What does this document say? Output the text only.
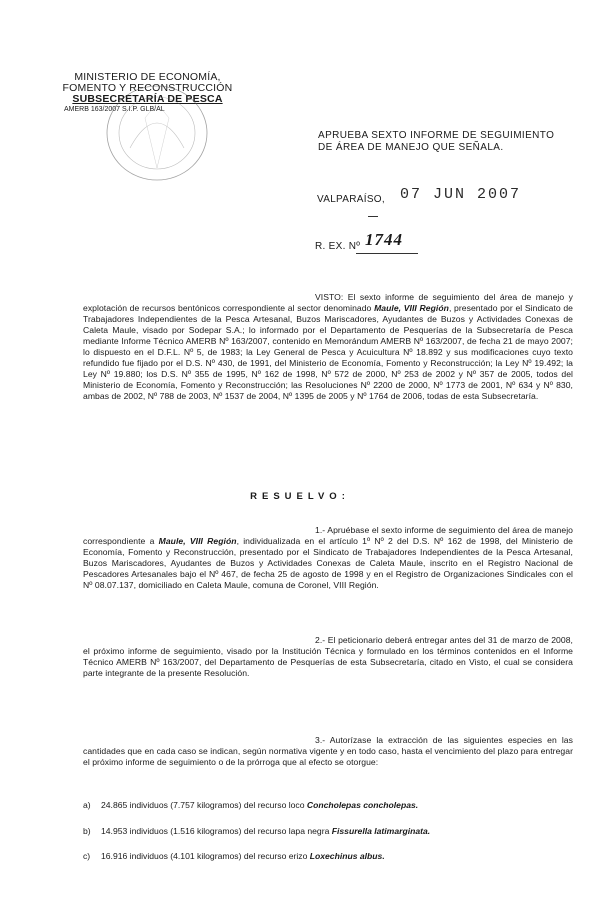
MINISTERIO DE ECONOMÍA,
FOMENTO Y RECONSTRUCCIÓN
SUBSECRETARÍA DE PESCA
AMERB 163/2007 S.I.P. GLB/AL
APRUEBA SEXTO INFORME DE SEGUIMIENTO
DE ÁREA DE MANEJO QUE SEÑALA.
VALPARAÍSO, 07 JUN 2007
R. EX. Nº 1744
VISTO: El sexto informe de seguimiento del área de manejo y explotación de recursos bentónicos correspondiente al sector denominado Maule, VIII Región, presentado por el Sindicato de Trabajadores Independientes de la Pesca Artesanal, Buzos Mariscadores, Ayudantes de Buzos y Actividades Conexas de Caleta Maule, visado por Sodepar S.A.; lo informado por el Departamento de Pesquerías de la Subsecretaría de Pesca mediante Informe Técnico AMERB Nº 163/2007, contenido en Memorándum AMERB Nº 163/2007, de fecha 21 de mayo 2007; lo dispuesto en el D.F.L. Nº 5, de 1983; la Ley General de Pesca y Acuicultura Nº 18.892 y sus modificaciones cuyo texto refundido fue fijado por el D.S. Nº 430, de 1991, del Ministerio de Economía, Fomento y Reconstrucción; la Ley Nº 19.492; la Ley Nº 19.880; los D.S. Nº 355 de 1995, Nº 162 de 1998, Nº 572 de 2000, Nº 253 de 2002 y Nº 357 de 2005, todos del Ministerio de Economía, Fomento y Reconstrucción; las Resoluciones Nº 2200 de 2000, Nº 1773 de 2001, Nº 634 y Nº 830, ambas de 2002, Nº 788 de 2003, Nº 1537 de 2004, Nº 1395 de 2005 y Nº 1764 de 2006, todas de esta Subsecretaría.
RESUELVO:
1.- Apruébase el sexto informe de seguimiento del área de manejo correspondiente a Maule, VIII Región, individualizada en el artículo 1º Nº 2 del D.S. Nº 162 de 1998, del Ministerio de Economía, Fomento y Reconstrucción, presentado por el Sindicato de Trabajadores Independientes de la Pesca Artesanal, Buzos Mariscadores, Ayudantes de Buzos y Actividades Conexas de Caleta Maule, inscrito en el Registro Nacional de Pescadores Artesanales bajo el Nº 467, de fecha 25 de agosto de 1998 y en el Registro de Organizaciones Sindicales con el Nº 08.07.137, domiciliado en Caleta Maule, comuna de Coronel, VIII Región.
2.- El peticionario deberá entregar antes del 31 de marzo de 2008, el próximo informe de seguimiento, visado por la Institución Técnica y formulado en los términos contenidos en el Informe Técnico AMERB Nº 163/2007, del Departamento de Pesquerías de esta Subsecretaría, citado en Visto, el cual se considera parte integrante de la presente Resolución.
3.- Autorízase la extracción de las siguientes especies en las cantidades que en cada caso se indican, según normativa vigente y en todo caso, hasta el vencimiento del plazo para entregar el próximo informe de seguimiento o de la prórroga que al efecto se otorgue:
a) 24.865 individuos (7.757 kilogramos) del recurso loco Concholepas concholepas.
b) 14.953 individuos (1.516 kilogramos) del recurso lapa negra Fissurella latimarginata.
c) 16.916 individuos (4.101 kilogramos) del recurso erizo Loxechinus albus.
